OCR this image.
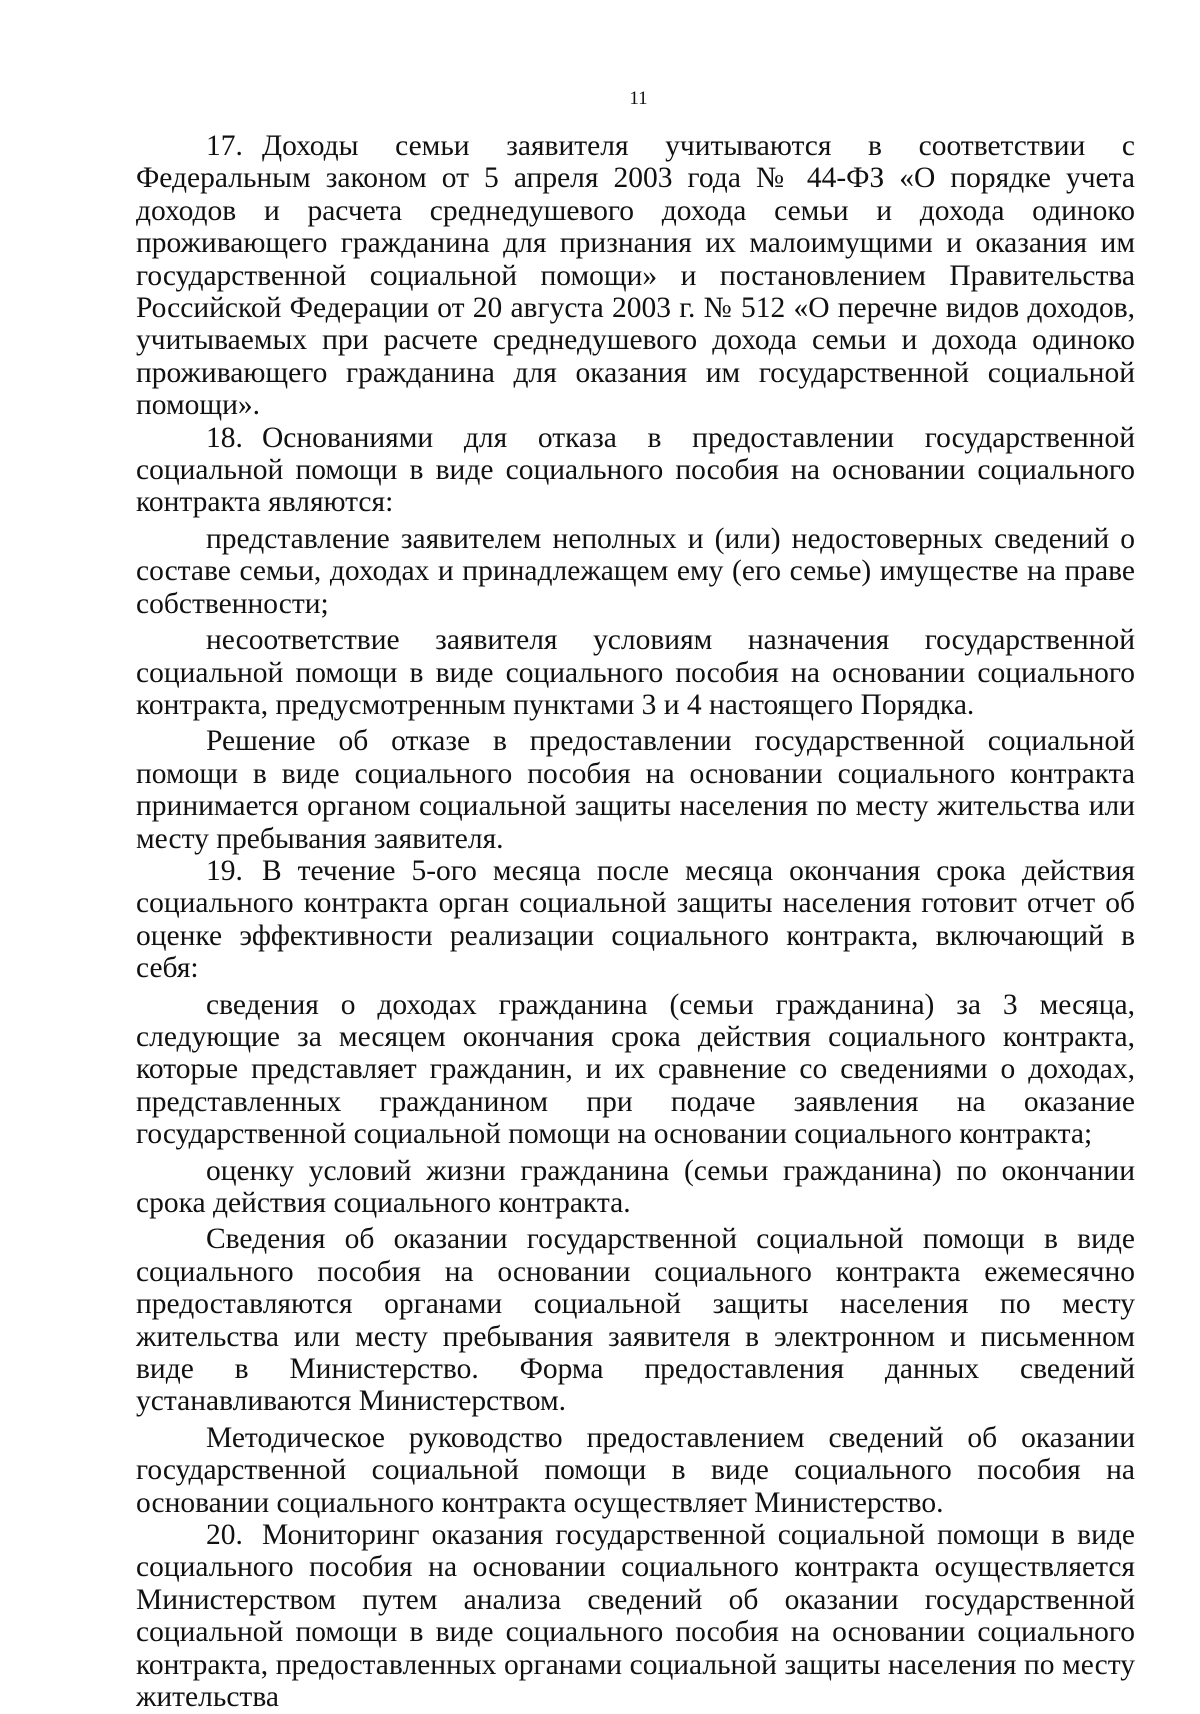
11

17. Доходы семьи заявителя учитываются в соответствии с Федеральным законом от 5 апреля 2003 года № 44-ФЗ «О порядке учета доходов и расчета среднедушевого дохода семьи и дохода одиноко проживающего гражданина для признания их малоимущими и оказания им государственной социальной помощи» и постановлением Правительства Российской Федерации от 20 августа 2003 г. № 512 «О перечне видов доходов, учитываемых при расчете среднедушевого дохода семьи и дохода одиноко проживающего гражданина для оказания им государственной социальной помощи».

18. Основаниями для отказа в предоставлении государственной социальной помощи в виде социального пособия на основании социального контракта являются:

представление заявителем неполных и (или) недостоверных сведений о составе семьи, доходах и принадлежащем ему (его семье) имуществе на праве собственности;

несоответствие заявителя условиям назначения государственной социальной помощи в виде социального пособия на основании социального контракта, предусмотренным пунктами 3 и 4 настоящего Порядка.

Решение об отказе в предоставлении государственной социальной помощи в виде социального пособия на основании социального контракта принимается органом социальной защиты населения по месту жительства или месту пребывания заявителя.

19. В течение 5-ого месяца после месяца окончания срока действия социального контракта орган социальной защиты населения готовит отчет об оценке эффективности реализации социального контракта, включающий в себя:

сведения о доходах гражданина (семьи гражданина) за 3 месяца, следующие за месяцем окончания срока действия социального контракта, которые представляет гражданин, и их сравнение со сведениями о доходах, представленных гражданином при подаче заявления на оказание государственной социальной помощи на основании социального контракта;

оценку условий жизни гражданина (семьи гражданина) по окончании срока действия социального контракта.

Сведения об оказании государственной социальной помощи в виде социального пособия на основании социального контракта ежемесячно предоставляются органами социальной защиты населения по месту жительства или месту пребывания заявителя в электронном и письменном виде в Министерство. Форма предоставления данных сведений устанавливаются Министерством.

Методическое руководство предоставлением сведений об оказании государственной социальной помощи в виде социального пособия на основании социального контракта осуществляет Министерство.

20. Мониторинг оказания государственной социальной помощи в виде социального пособия на основании социального контракта осуществляется Министерством путем анализа сведений об оказании государственной социальной помощи в виде социального пособия на основании социального контракта, предоставленных органами социальной защиты населения по месту жительства
